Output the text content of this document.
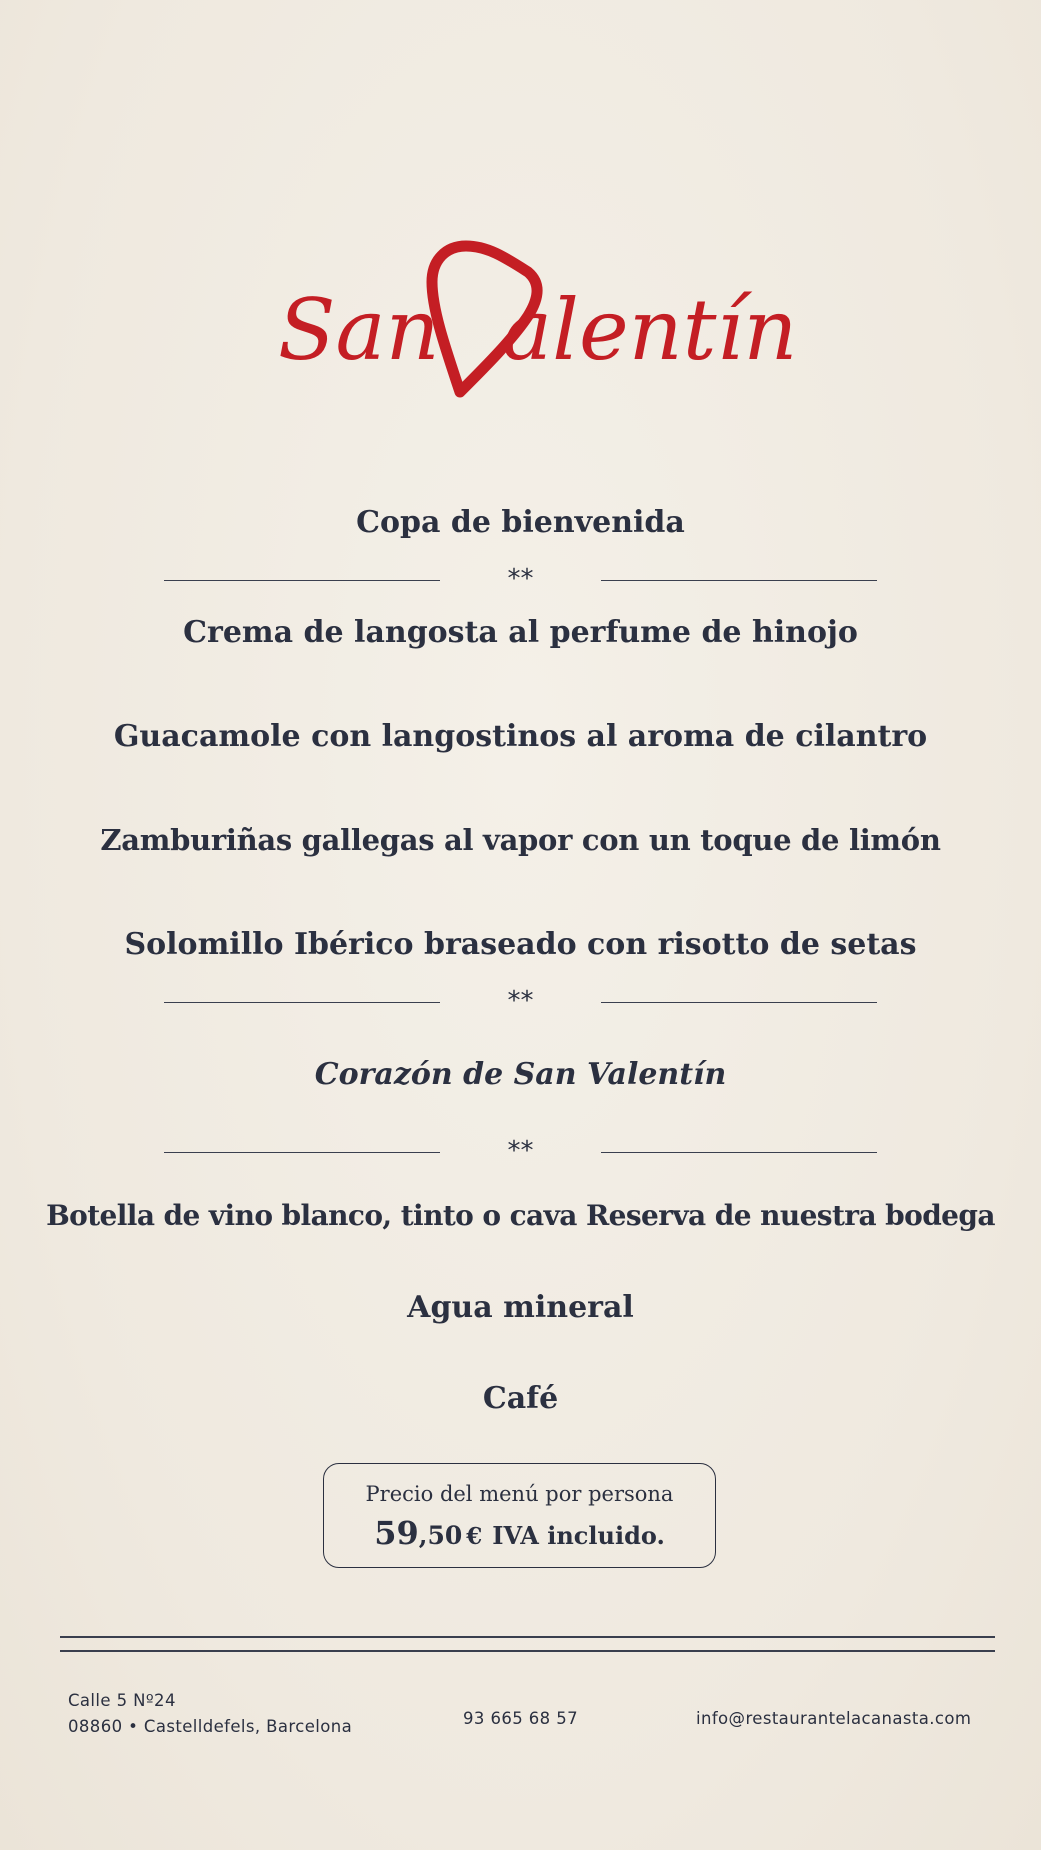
San alentín
Copa de bienvenida
**
Crema de langosta al perfume de hinojo
Guacamole con langostinos al aroma de cilantro
Zamburiñas gallegas al vapor con un toque de limón
Solomillo Ibérico braseado con risotto de setas
**
Corazón de San Valentín
**
Botella de vino blanco, tinto o cava Reserva de nuestra bodega
Agua mineral
Café
Precio del menú por persona
59,50 € IVA incluido.
Calle 5 Nº24
08860 • Castelldefels, Barcelona	93 665 68 57	info@restaurantelacanasta.com
